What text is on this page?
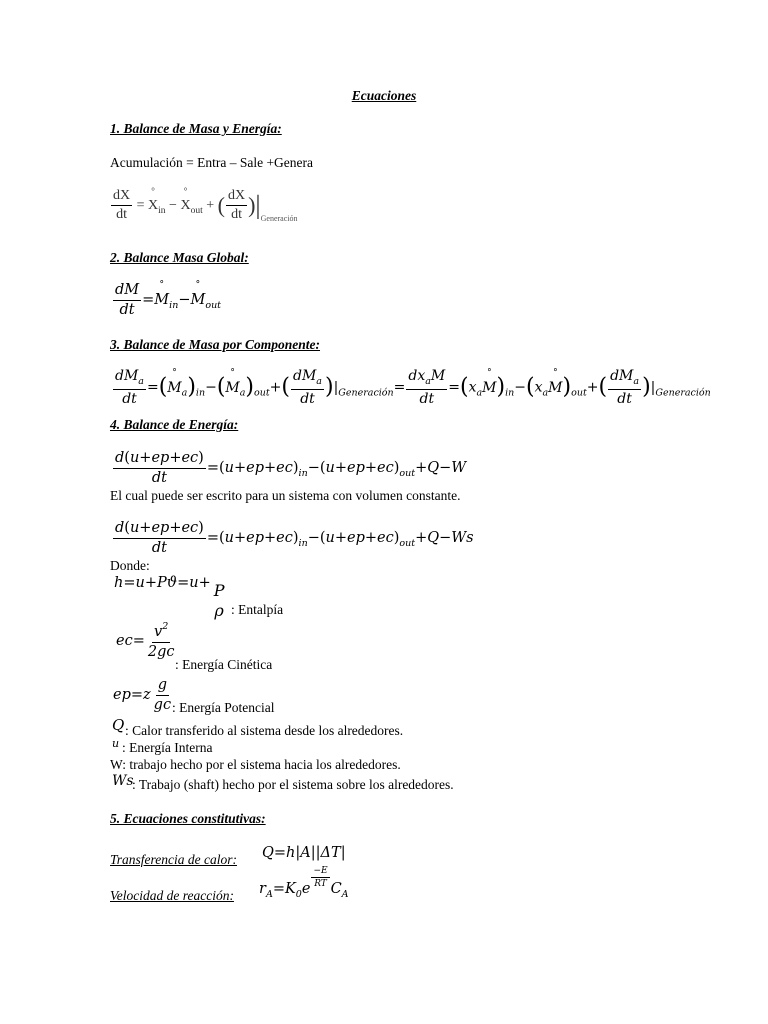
Ecuaciones
1. Balance de Masa y Energía:
Acumulación = Entra – Sale +Genera
$\frac{dX}{dt}$ = ° $X_{in}$ − ° $X_{out}$ + ( $\frac{dX}{dt} )|_{Generación}$
2. Balance Masa Global:
$\frac{dM}{dt}$ =° $M_{in}-^\circ$ $M_{out}$
3. Balance de Masa por Componente:
$\frac{dM_a}{dt}$ =(° $M_a)_{in}-(^\circ$ $M_a)_{out}+( \frac{dM_a}{dt} )|_{Generación}= \frac{dx_aM}{dt} =(x_a^\circ$ $M)_{in}-(x_a^\circ$ $M)_{out}+( \frac{dM_a}{dt} )|_{Generación}$
4. Balance de Energía:
$\frac{d(u+ep+ec)}{dt} =(u+ep+ec)_{in}-(u+ep+ec)_{out}+Q-W$
El cual puede ser escrito para un sistema con volumen constante.
$\frac{d(u+ep+ec)}{dt} =(u+ep+ec)_{in}-(u+ep+ec)_{out}+Q-Ws$
Donde:
h=u+Pϑ=u+ P
ρ : Entalpía
$ec= \frac{v^2}{2gc}$
: Energía Cinética
$ep=z \frac{g}{gc}$
: Energía Potencial
Q : Calor transferido al sistema desde los alrededores.
u : Energía Interna
W: trabajo hecho por el sistema hacia los alrededores.
Ws
: Trabajo (shaft) hecho por el sistema sobre los alrededores.
5. Ecuaciones constitutivas:
Transferencia de calor: Q=h|A||ΔT|
Velocidad de reacción: $r_A=K_0e \frac{-E}{RT} C_A$
